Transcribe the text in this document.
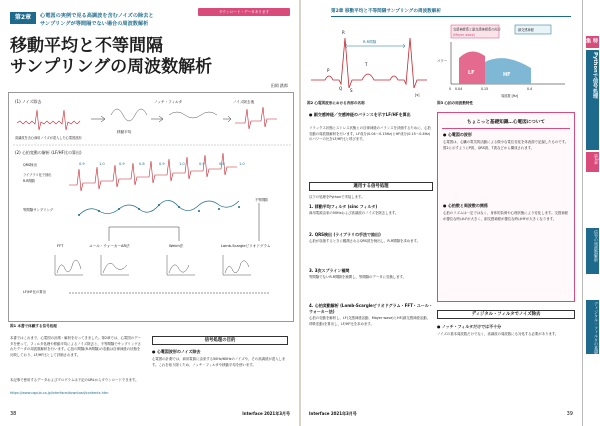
第2章
ダウンロード・データあります
心電図の実例で見る高調波を含むノイズの除去と
サンプリングが等間隔でない場合の周波数解析
移動平均と不等間隔
サンプリングの周波数解析
田岡 鉄郎
(1) ノイズ除去	ノッチ・フィルタ	ノイズ除去後
移動平均
高調波を含む商用ノイズが混入した心電図波形
(2) 心拍変動の解析 (LF/HF比の算出)
QRS検出
ライブラリ化で抽出
R-R間隔
0.9	1.0	0.9	0.8	0.9	1.0	0.9	0.8	1.0
等間隔サンプリング
不等間隔
FFT	ユール・ウォーカーAR法	Welch法	Lomb-Scargleピリオドグラム
LF/HF比の算出
図1 本書で体験する信号処理
本書ではこれまで、心電図の計測・解析を行ってきました。第2章では、心電図のデータを使って、フィルタ処理や移動平均によるノイズ除去と、不等間隔でサンプリングされたデータの周波数解析を行います。心拍の間隔(R-R間隔)の変動は自律神経の状態を反映しており、LF/HF比として評価されます。
本記事で使用するデータおよびプログラムは下記のURLからダウンロードできます。
https://www.cqpub.co.jp/interface/download/contents.htm
信号処理の目的
● 心電図波形のノイズ除去
心電図の計測では、商用電源に由来する50Hz/60Hzのノイズや、その高調波が混入します。これを取り除くため、ノッチ・フィルタや移動平均を使います。
38	Interface 2021年3月号
第2章 移動平均と不等間隔サンプリングの周波数解析
P
Q
R
S
T
R-R間隔
[s]
図2 心電図波形における各部の名称
交感神経系と副交感神経系の両方
(Mayer wave)
副交感神経
パワー
LF	HF
0 0.04	0.15	0.4
周波数 [Hz]
図3 心拍の周波数特性
● 副交感神経／交感神経のバランスを示すLF/HFを算出
リラックス状態とストレス状態との自律神経のバランスを評価するために、心拍変動の周波数解析を行います。LF成分(0.04〜0.15Hz)とHF成分(0.15〜0.4Hz)のパワーの比をLF/HF比と呼びます。
適用する信号処理
以下の処理をPythonで実装します。
1. 移動平均フィルタ (sinc フィルタ)
商用電源由来の50Hzおよび高調波のノイズを除去します。
2. QRS検出 (ライブラリの手法で抽出)
心拍が収縮するときに観測されるQRS波を検出し、R-R間隔を求めます。
3. 3次スプライン補間
等間隔でないR-R間隔を補間し、等間隔のデータに変換します。
4. 心拍変動解析 (Lomb-Scargleピリオドグラム・FFT・ユール・ウォーカー法)
心拍の変動を解析し、LF(交感神経活動、Mayer wave)とHF(副交感神経活動、呼吸変動)を算出し、LF/HF比を求めます。
ちょこっと基礎知識…心電図について
● 心電図の波形
心電図は、心臓の電気的活動による微小な電位変化を体表面で記録したものです。図2に示すようにP波、QRS波、T波などから構成されます。
● 心拍数と周波数の関係
心拍のリズムは一定ではなく、身体的負荷や心理状態により変化します。交感神経が優位な時はLFが大きく、副交感神経が優位な時はHFが大きくなります。
ディジタル・フィルタでノイズ除去
● ノッチ・フィルタだけでは不十分
ノイズの基本周波数だけでなく、高調波の周波数にも対処する必要があります。
Interface 2021年3月号	39
特集
Pythonで信号処理
第2章
信号の周波数解析
ディジタル・フィルタの基礎
